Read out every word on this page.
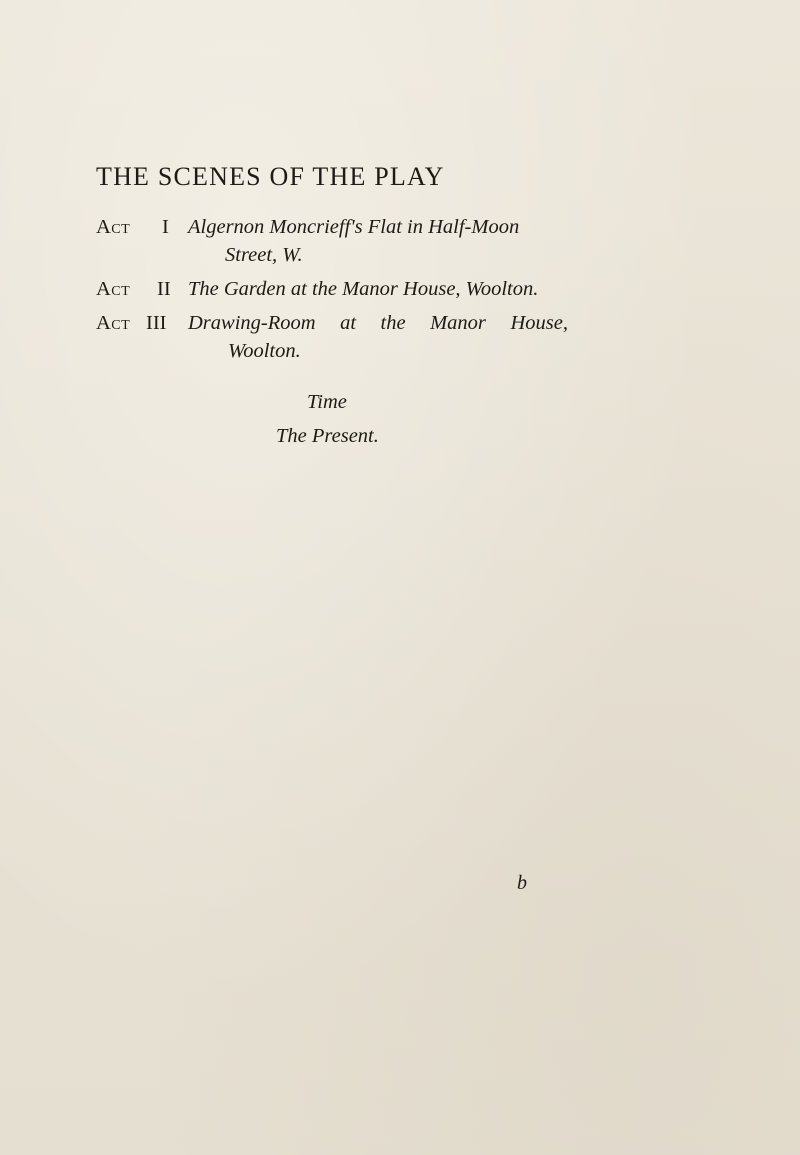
THE SCENES OF THE PLAY
Act I Algernon Moncrieff's Flat in Half-Moon
Street, W.
Act II The Garden at the Manor House, Woolton.
Act III Drawing-Room at the Manor House,
Woolton.
Time
The Present.
b
